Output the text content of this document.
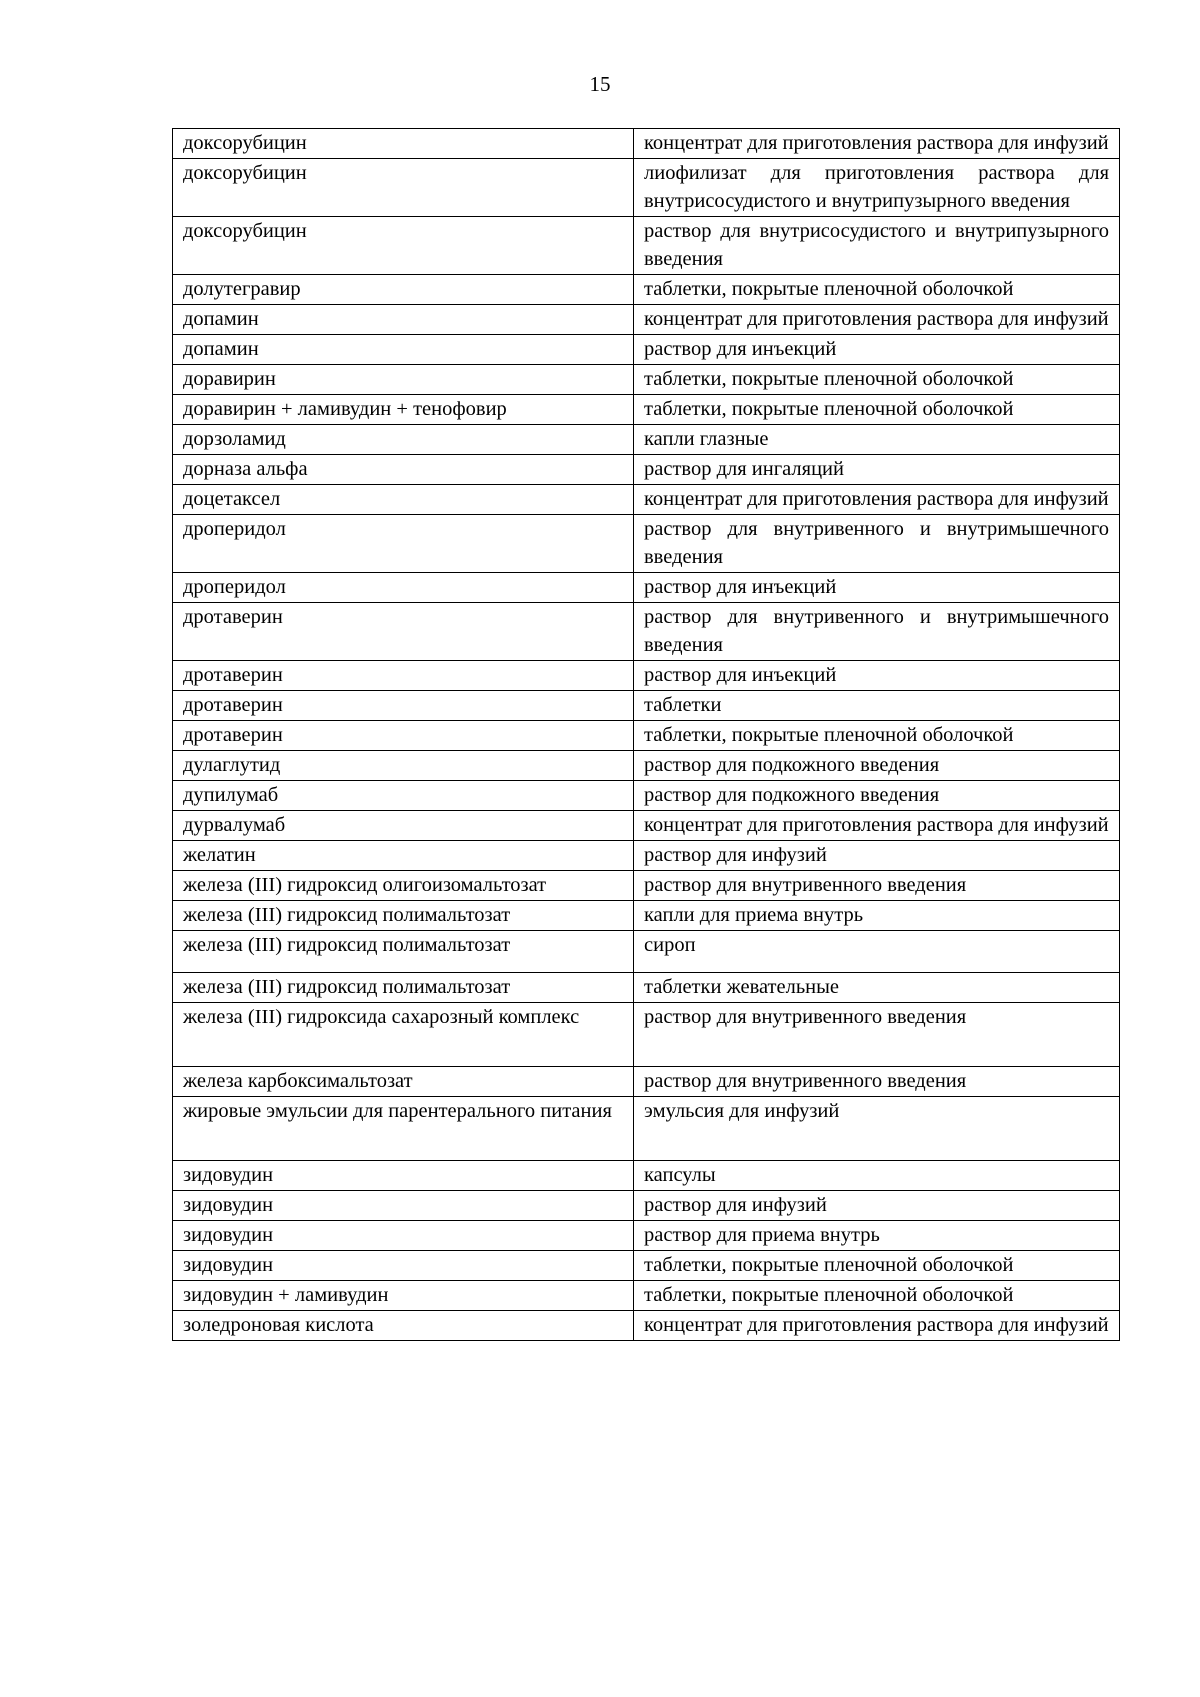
15
доксорубицин	концентрат для приготовления раствора для инфузий
доксорубицин	лиофилизат для приготовления раствора для внутрисосудистого и внутрипузырного введения
доксорубицин	раствор для внутрисосудистого и внутрипузырного введения
долутегравир	таблетки, покрытые пленочной оболочкой
допамин	концентрат для приготовления раствора для инфузий
допамин	раствор для инъекций
доравирин	таблетки, покрытые пленочной оболочкой
доравирин + ламивудин + тенофовир	таблетки, покрытые пленочной оболочкой
дорзоламид	капли глазные
дорназа альфа	раствор для ингаляций
доцетаксел	концентрат для приготовления раствора для инфузий
дроперидол	раствор для внутривенного и внутримышечного введения
дроперидол	раствор для инъекций
дротаверин	раствор для внутривенного и внутримышечного введения
дротаверин	раствор для инъекций
дротаверин	таблетки
дротаверин	таблетки, покрытые пленочной оболочкой
дулаглутид	раствор для подкожного введения
дупилумаб	раствор для подкожного введения
дурвалумаб	концентрат для приготовления раствора для инфузий
желатин	раствор для инфузий
железа (III) гидроксид олигоизомальтозат	раствор для внутривенного введения
железа (III) гидроксид полимальтозат	капли для приема внутрь
железа (III) гидроксид полимальтозат	сироп
железа (III) гидроксид полимальтозат	таблетки жевательные
железа (III) гидроксида сахарозный комплекс	раствор для внутривенного введения
железа карбоксимальтозат	раствор для внутривенного введения
жировые эмульсии для парентерального питания	эмульсия для инфузий
зидовудин	капсулы
зидовудин	раствор для инфузий
зидовудин	раствор для приема внутрь
зидовудин	таблетки, покрытые пленочной оболочкой
зидовудин + ламивудин	таблетки, покрытые пленочной оболочкой
золедроновая кислота	концентрат для приготовления раствора для инфузий
